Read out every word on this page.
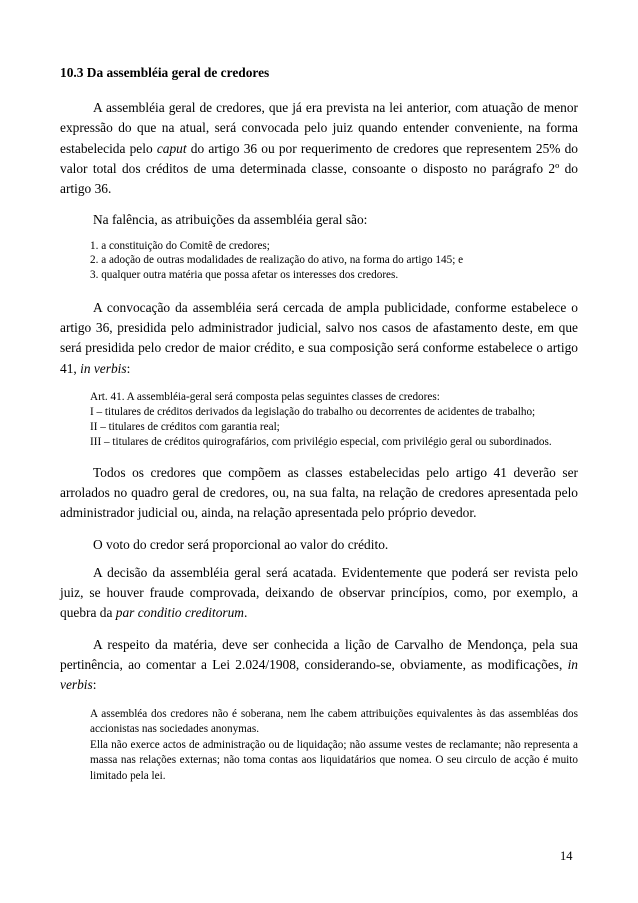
10.3 Da assembléia geral de credores

A assembléia geral de credores, que já era prevista na lei anterior, com atuação de menor expressão do que na atual, será convocada pelo juiz quando entender conveniente, na forma estabelecida pelo caput do artigo 36 ou por requerimento de credores que representem 25% do valor total dos créditos de uma determinada classe, consoante o disposto no parágrafo 2º do artigo 36.

Na falência, as atribuições da assembléia geral são:

1. a constituição do Comitê de credores;
2. a adoção de outras modalidades de realização do ativo, na forma do artigo 145; e
3. qualquer outra matéria que possa afetar os interesses dos credores.

A convocação da assembléia será cercada de ampla publicidade, conforme estabelece o artigo 36, presidida pelo administrador judicial, salvo nos casos de afastamento deste, em que será presidida pelo credor de maior crédito, e sua composição será conforme estabelece o artigo 41, in verbis:

Art. 41. A assembléia-geral será composta pelas seguintes classes de credores:

I – titulares de créditos derivados da legislação do trabalho ou decorrentes de acidentes de trabalho;

II – titulares de créditos com garantia real;

III – titulares de créditos quirografários, com privilégio especial, com privilégio geral ou subordinados.

Todos os credores que compõem as classes estabelecidas pelo artigo 41 deverão ser arrolados no quadro geral de credores, ou, na sua falta, na relação de credores apresentada pelo administrador judicial ou, ainda, na relação apresentada pelo próprio devedor.

O voto do credor será proporcional ao valor do crédito.

A decisão da assembléia geral será acatada. Evidentemente que poderá ser revista pelo juiz, se houver fraude comprovada, deixando de observar princípios, como, por exemplo, a quebra da par conditio creditorum.

A respeito da matéria, deve ser conhecida a lição de Carvalho de Mendonça, pela sua pertinência, ao comentar a Lei 2.024/1908, considerando-se, obviamente, as modificações, in verbis:

A assembléa dos credores não é soberana, nem lhe cabem attribuições equivalentes às das assembléas dos accionistas nas sociedades anonymas.

Ella não exerce actos de administração ou de liquidação; não assume vestes de reclamante; não representa a massa nas relações externas; não toma contas aos liquidatários que nomea. O seu circulo de acção é muito limitado pela lei.

14
